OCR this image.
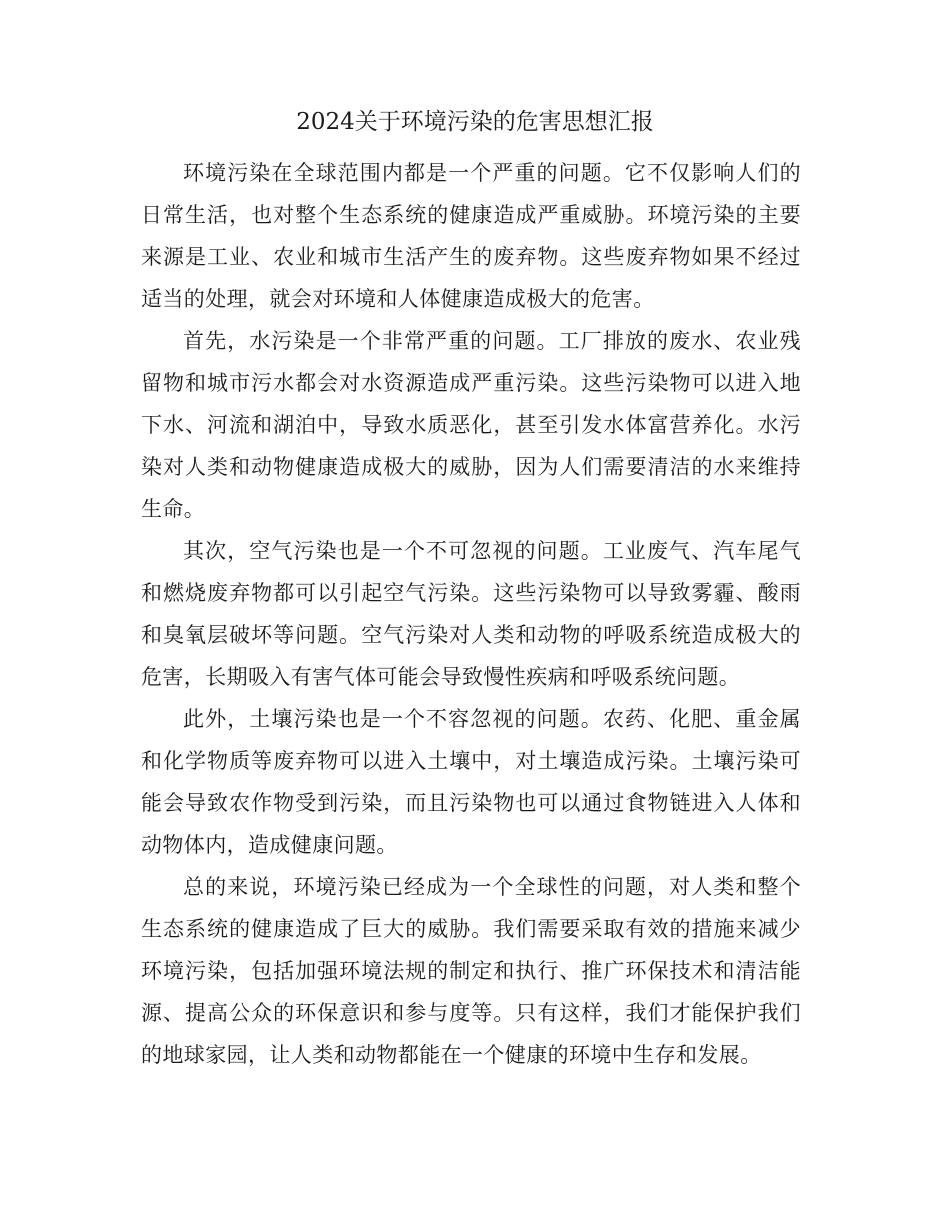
2024关于环境污染的危害思想汇报

环境污染在全球范围内都是一个严重的问题。它不仅影响人们的日常生活，也对整个生态系统的健康造成严重威胁。环境污染的主要来源是工业、农业和城市生活产生的废弃物。这些废弃物如果不经过适当的处理，就会对环境和人体健康造成极大的危害。

首先，水污染是一个非常严重的问题。工厂排放的废水、农业残留物和城市污水都会对水资源造成严重污染。这些污染物可以进入地下水、河流和湖泊中，导致水质恶化，甚至引发水体富营养化。水污染对人类和动物健康造成极大的威胁，因为人们需要清洁的水来维持生命。

其次，空气污染也是一个不可忽视的问题。工业废气、汽车尾气和燃烧废弃物都可以引起空气污染。这些污染物可以导致雾霾、酸雨和臭氧层破坏等问题。空气污染对人类和动物的呼吸系统造成极大的危害，长期吸入有害气体可能会导致慢性疾病和呼吸系统问题。

此外，土壤污染也是一个不容忽视的问题。农药、化肥、重金属和化学物质等废弃物可以进入土壤中，对土壤造成污染。土壤污染可能会导致农作物受到污染，而且污染物也可以通过食物链进入人体和动物体内，造成健康问题。

总的来说，环境污染已经成为一个全球性的问题，对人类和整个生态系统的健康造成了巨大的威胁。我们需要采取有效的措施来减少环境污染，包括加强环境法规的制定和执行、推广环保技术和清洁能源、提高公众的环保意识和参与度等。只有这样，我们才能保护我们的地球家园，让人类和动物都能在一个健康的环境中生存和发展。
